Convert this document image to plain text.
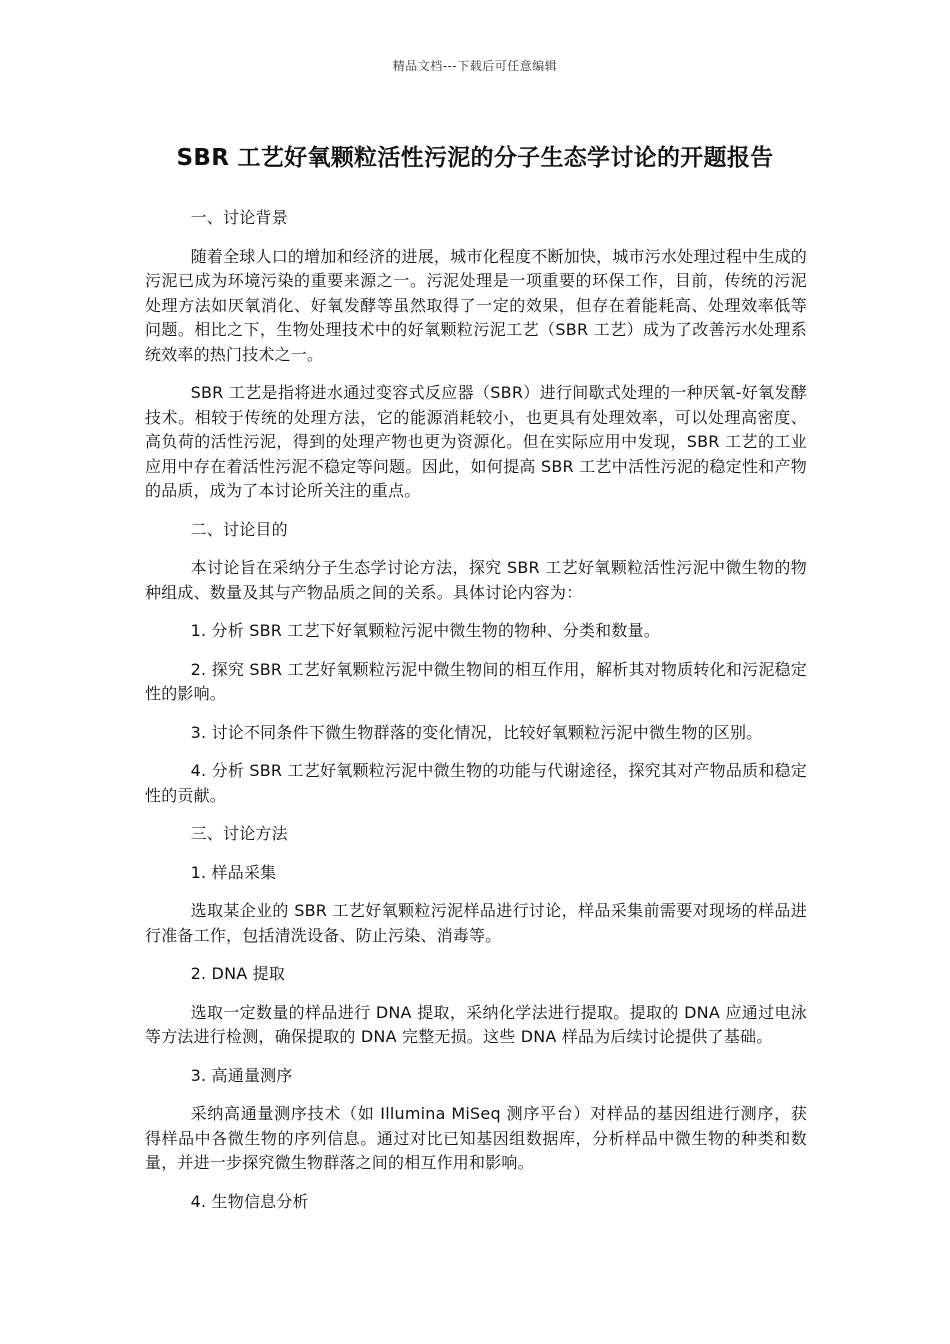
精品文档---下载后可任意编辑
SBR 工艺好氧颗粒活性污泥的分子生态学讨论的开题报告

一、讨论背景

随着全球人口的增加和经济的进展，城市化程度不断加快，城市污水处理过程中生成的污泥已成为环境污染的重要来源之一。污泥处理是一项重要的环保工作，目前，传统的污泥处理方法如厌氧消化、好氧发酵等虽然取得了一定的效果，但存在着能耗高、处理效率低等问题。相比之下，生物处理技术中的好氧颗粒污泥工艺（SBR 工艺）成为了改善污水处理系统效率的热门技术之一。

SBR 工艺是指将进水通过变容式反应器（SBR）进行间歇式处理的一种厌氧-好氧发酵技术。相较于传统的处理方法，它的能源消耗较小，也更具有处理效率，可以处理高密度、高负荷的活性污泥，得到的处理产物也更为资源化。但在实际应用中发现，SBR 工艺的工业应用中存在着活性污泥不稳定等问题。因此，如何提高 SBR 工艺中活性污泥的稳定性和产物的品质，成为了本讨论所关注的重点。

二、讨论目的

本讨论旨在采纳分子生态学讨论方法，探究 SBR 工艺好氧颗粒活性污泥中微生物的物种组成、数量及其与产物品质之间的关系。具体讨论内容为：

1. 分析 SBR 工艺下好氧颗粒污泥中微生物的物种、分类和数量。

2. 探究 SBR 工艺好氧颗粒污泥中微生物间的相互作用，解析其对物质转化和污泥稳定性的影响。

3. 讨论不同条件下微生物群落的变化情况，比较好氧颗粒污泥中微生物的区别。

4. 分析 SBR 工艺好氧颗粒污泥中微生物的功能与代谢途径，探究其对产物品质和稳定性的贡献。

三、讨论方法

1. 样品采集

选取某企业的 SBR 工艺好氧颗粒污泥样品进行讨论，样品采集前需要对现场的样品进行准备工作，包括清洗设备、防止污染、消毒等。

2. DNA 提取

选取一定数量的样品进行 DNA 提取，采纳化学法进行提取。提取的 DNA 应通过电泳等方法进行检测，确保提取的 DNA 完整无损。这些 DNA 样品为后续讨论提供了基础。

3. 高通量测序

采纳高通量测序技术（如 Illumina MiSeq 测序平台）对样品的基因组进行测序，获得样品中各微生物的序列信息。通过对比已知基因组数据库，分析样品中微生物的种类和数量，并进一步探究微生物群落之间的相互作用和影响。

4. 生物信息分析
